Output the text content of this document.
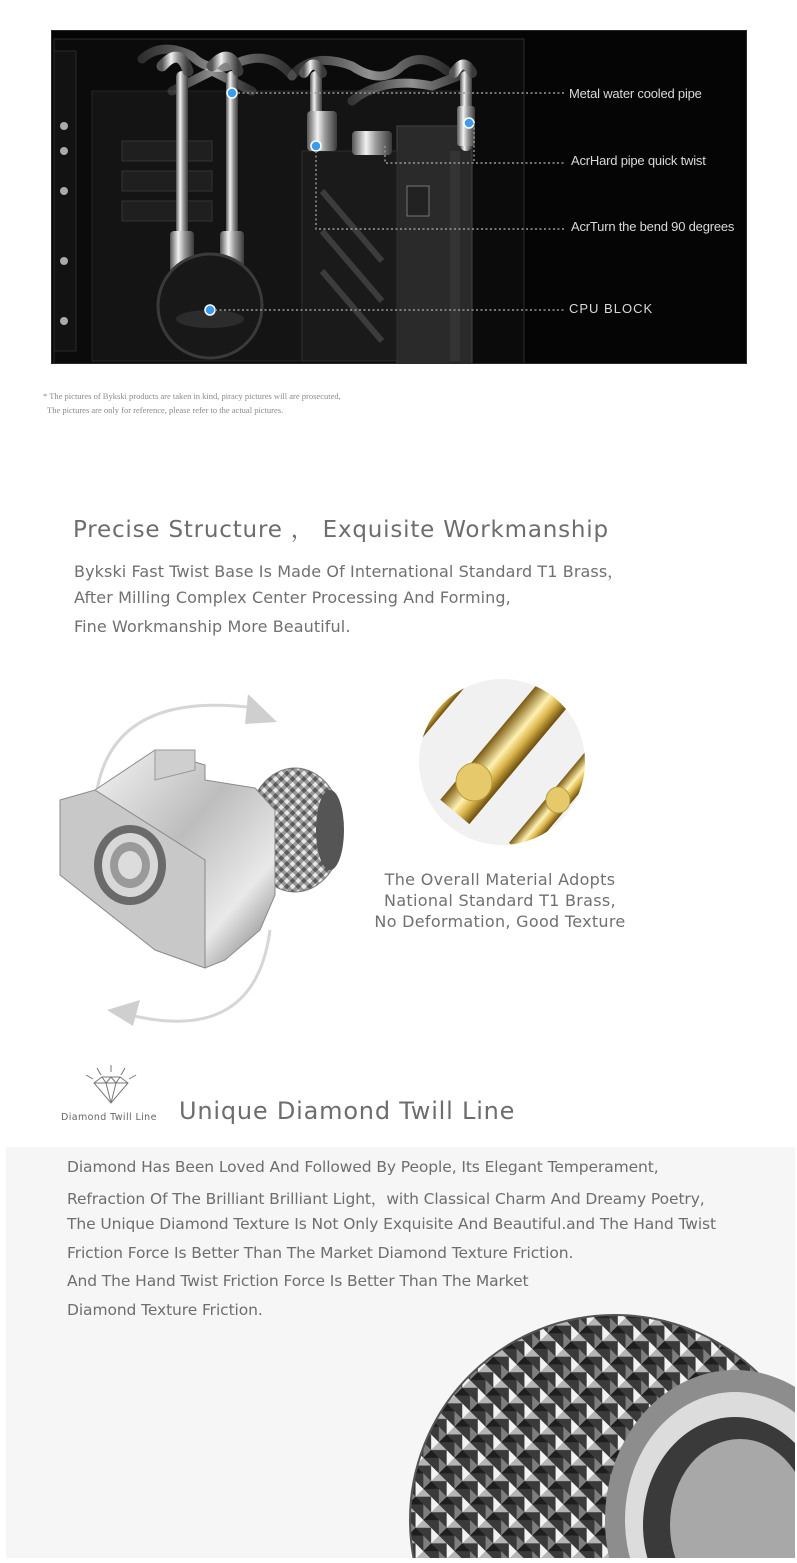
Metal water cooled pipe
AcrHard pipe quick twist
AcrTurn the bend 90 degrees
CPU BLOCK
* The pictures of Bykski products are taken in kind, piracy pictures will are prosecuted,
The pictures are only for reference, please refer to the actual pictures.
Precise Structure ， Exquisite Workmanship
Bykski Fast Twist Base Is Made Of International Standard T1 Brass，
After Milling Complex Center Processing And Forming,
Fine Workmanship More Beautiful.
The Overall Material Adopts
National Standard T1 Brass,
No Deformation, Good Texture
Diamond Twill Line Unique Diamond Twill Line
Diamond Has Been Loved And Followed By People, Its Elegant Temperament,
Refraction Of The Brilliant Brilliant Light，with Classical Charm And Dreamy Poetry,
The Unique Diamond Texture Is Not Only Exquisite And Beautiful.and The Hand Twist
Friction Force Is Better Than The Market Diamond Texture Friction.
And The Hand Twist Friction Force Is Better Than The Market
Diamond Texture Friction.
